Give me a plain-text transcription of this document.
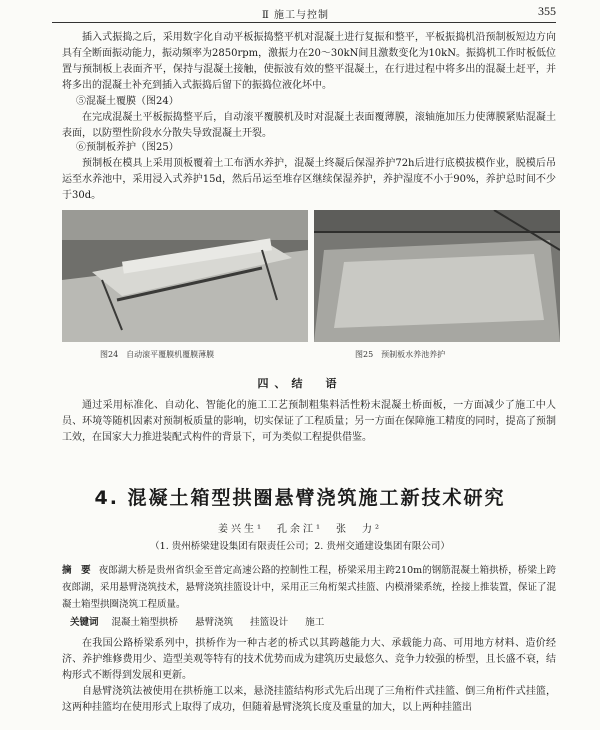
Ⅱ 施工与控制	355

插入式振捣之后，采用数字化自动平板振捣整平机对混凝土进行复振和整平，平板振捣机沿预制板短边方向具有全断面振动能力，振动频率为2850rpm，激振力在20～30kN间且激数变化为10kN。振捣机工作时板低位置与预制板上表面齐平，保持与混凝土接触，使振波有效的整平混凝土，在行进过程中将多出的混凝土赶平，并将多出的混凝土补充到插入式振捣后留下的振捣位液化坏中。

⑤混凝土覆膜（图24）

在完成混凝土平板振捣整平后，自动滚平覆膜机及时对混凝土表面覆薄膜，滚轴施加压力使薄膜紧贴混凝土表面，以防塑性阶段水分散失导致混凝土开裂。

⑥预制板养护（图25）

图24　自动滚平覆膜机覆膜薄膜	图25　预制板水养池养护
四、结　语

通过采用标准化、自动化、智能化的施工工艺预制粗集料活性粉末混凝土桥面板，一方面减少了施工中人员、环境等随机因素对预制板质量的影响，切实保证了工程质量；另一方面在保障施工精度的同时，提高了预制工效，在国家大力推进装配式构件的背景下，可为类似工程提供借鉴。

4. 混凝土箱型拱圈悬臂浇筑施工新技术研究
姜兴生¹　孔余江¹　张　力²
（1. 贵州桥梁建设集团有限责任公司；2. 贵州交通建设集团有限公司）

摘　要 夜郎湖大桥是贵州省织金至普定高速公路的控制性工程，桥梁采用主跨210m的钢筋混凝土箱拱桥，桥梁上跨夜郎湖，采用悬臂浇筑技术，悬臂浇筑挂篮设计中，采用正三角桁架式挂篮、内模滑梁系统，拴接上推装置，保证了混凝土箱型拱圈浇筑工程质量。

关键词 混凝土箱型拱桥 悬臂浇筑 挂篮设计 施工

在我国公路桥梁系列中，拱桥作为一种古老的桥式以其跨越能力大、承载能力高、可用地方材料、造价经济、养护维修费用少、造型美观等特有的技术优势而成为建筑历史最悠久、竞争力较强的桥型，且长盛不衰，结构形式不断得到发展和更新。

自悬臂浇筑法被使用在拱桥施工以来，悬浇挂篮结构形式先后出现了三角桁件式挂篮、倒三角桁件式挂篮，这两种挂篮均在使用形式上取得了成功，但随着悬臂浇筑长度及重量的加大，以上两种挂篮出

预制板在模具上采用顶板覆着土工布洒水养护，混凝土终凝后保湿养护72h后进行底模拔模作业，脱模后吊运至水养池中，采用浸入式养护15d，然后吊运至堆存区继续保湿养护，养护湿度不小于90%，养护总时间不少于30d。
